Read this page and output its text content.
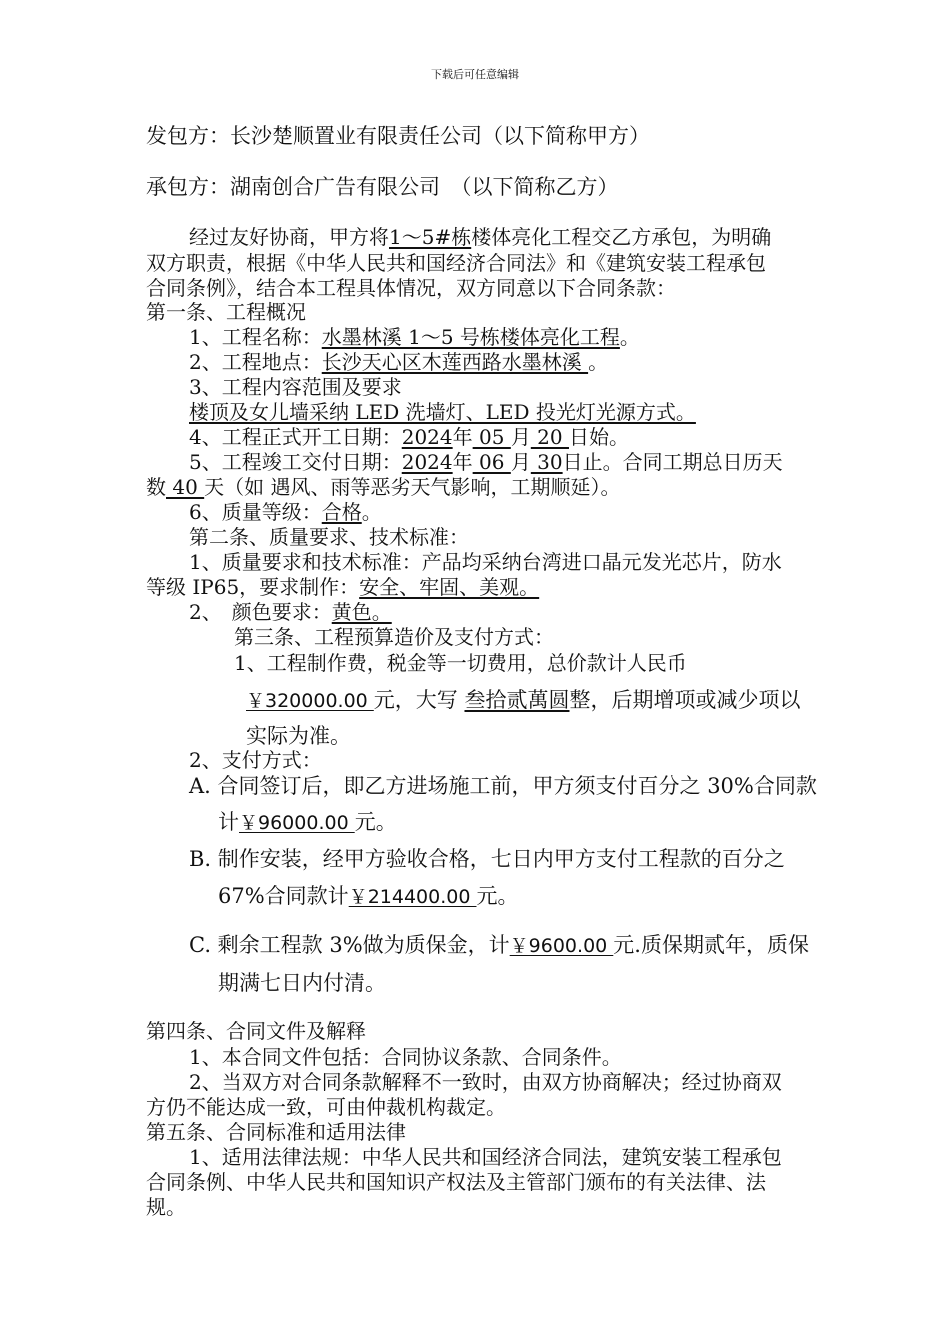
下载后可任意编辑
发包方：长沙楚顺置业有限责任公司（以下简称甲方）
承包方：湖南创合广告有限公司　（以下简称乙方）
经过友好协商，甲方将1～5#栋楼体亮化工程交乙方承包，为明确
双方职责，根据《中华人民共和国经济合同法》和《建筑安装工程承包
合同条例》，结合本工程具体情况，双方同意以下合同条款：
第一条、工程概况
1、工程名称：水墨林溪 1～5 号栋楼体亮化工程。
2、工程地点：长沙天心区木莲西路水墨林溪 。
3、工程内容范围及要求
楼顶及女儿墙采纳 LED 洗墙灯、LED 投光灯光源方式。
4、工程正式开工日期：2024年 05 月 20 日始。
5、工程竣工交付日期：2024年 06 月 30日止。合同工期总日历天
数 40 天（如 遇风、雨等恶劣天气影响，工期顺延）。
6、质量等级：合格。
第二条、质量要求、技术标准：
1、质量要求和技术标准：产品均采纳台湾进口晶元发光芯片，防水
等级 IP65，要求制作：安全、牢固、美观。
2、　颜色要求：黄色。
第三条、工程预算造价及支付方式：
1、工程制作费，税金等一切费用，总价款计人民币
￥320000.00 元，大写 叁拾贰萬圆整，后期增项或减少项以
实际为准。
2、支付方式：
A. 合同签订后，即乙方进场施工前，甲方须支付百分之 30%合同款
计￥96000.00 元。
B. 制作安装，经甲方验收合格，七日内甲方支付工程款的百分之
67%合同款计￥214400.00 元。
C. 剩余工程款 3%做为质保金，计￥9600.00 元.质保期贰年，质保
期满七日内付清。
第四条、合同文件及解释
1、本合同文件包括：合同协议条款、合同条件。
2、当双方对合同条款解释不一致时，由双方协商解决；经过协商双
方仍不能达成一致，可由仲裁机构裁定。
第五条、合同标准和适用法律
1、适用法律法规：中华人民共和国经济合同法，建筑安装工程承包
合同条例、中华人民共和国知识产权法及主管部门颁布的有关法律、法
规。
